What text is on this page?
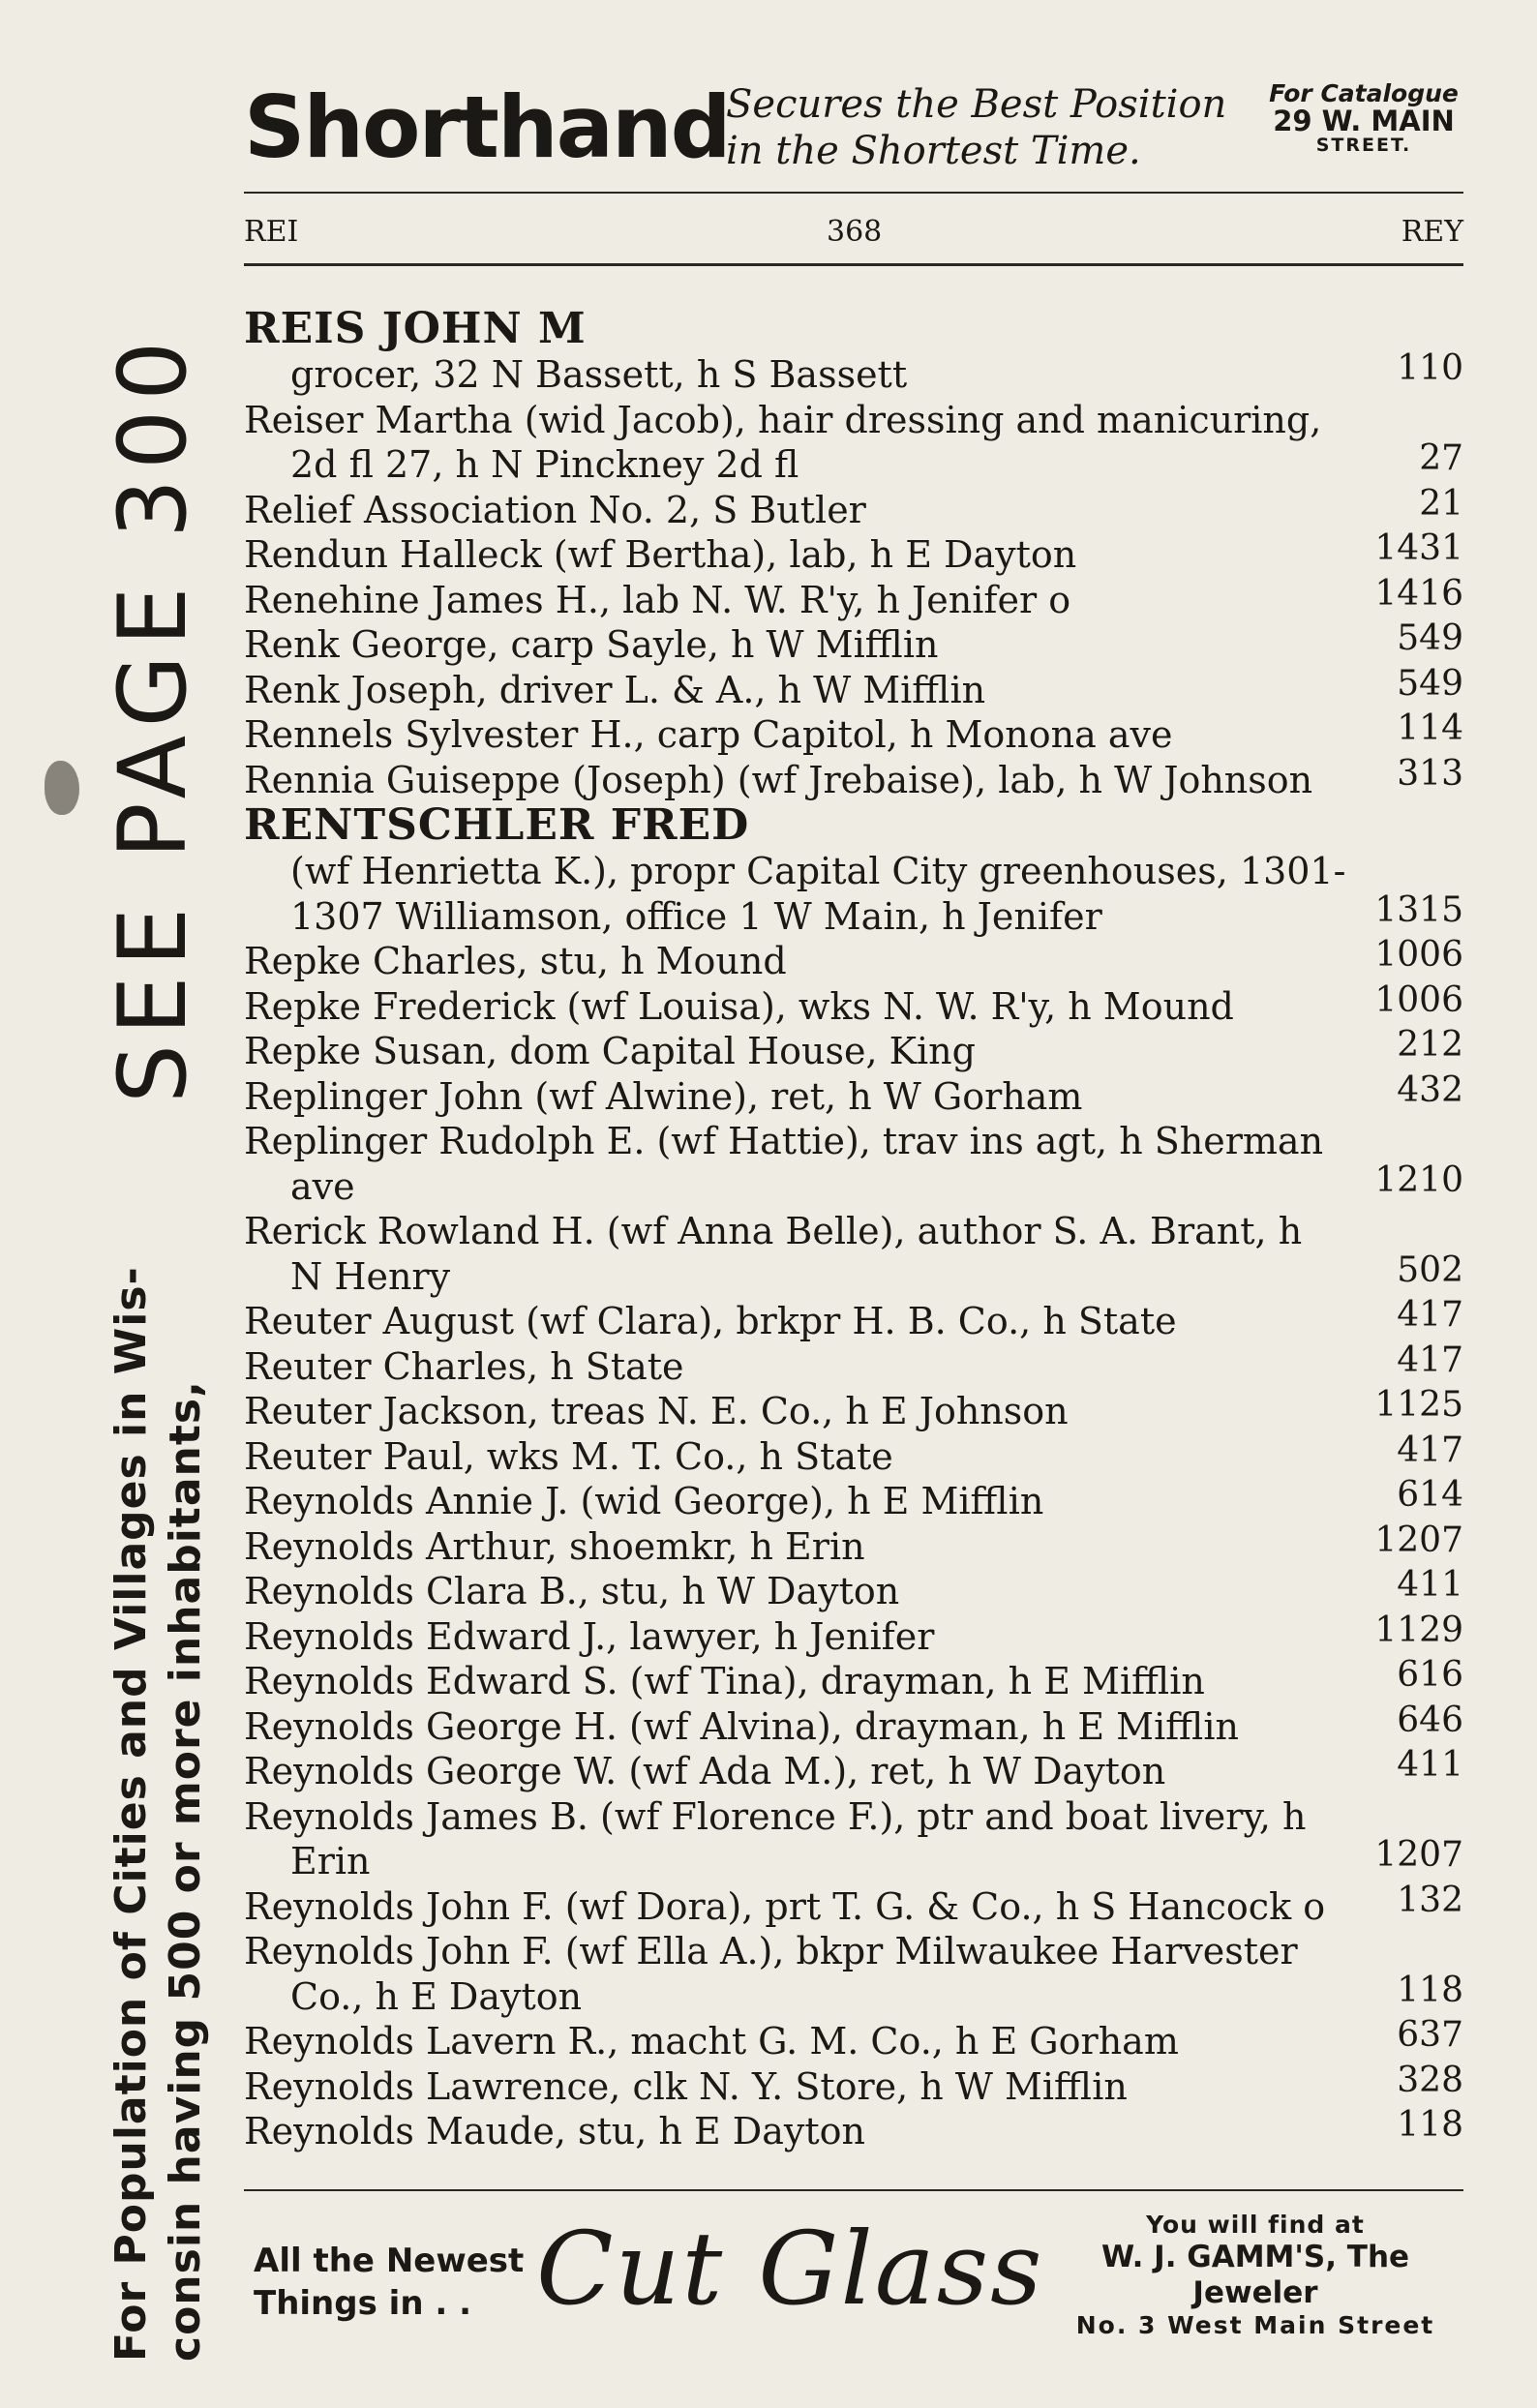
For Population of Cities and Villages in Wis- consin having 500 or more inhabitants,
SEE PAGE 300
Shorthand
Secures the Best Position
in the Shortest Time.
For Catalogue
29 W. MAIN
STREET.
REI	368	REY
REIS JOHN M
grocer, 32 N Bassett, h S Bassett	110
Reiser Martha (wid Jacob), hair dressing and manicuring,
2d fl 27, h N Pinckney 2d fl	27
Relief Association No. 2, S Butler	21
Rendun Halleck (wf Bertha), lab, h E Dayton	1431
Renehine James H., lab N. W. R'y, h Jenifer o	1416
Renk George, carp Sayle, h W Mifflin	549
Renk Joseph, driver L. & A., h W Mifflin	549
Rennels Sylvester H., carp Capitol, h Monona ave	114
Rennia Guiseppe (Joseph) (wf Jrebaise), lab, h W Johnson	313
RENTSCHLER FRED
(wf Henrietta K.), propr Capital City greenhouses, 1301-
1307 Williamson, office 1 W Main, h Jenifer	1315
Repke Charles, stu, h Mound	1006
Repke Frederick (wf Louisa), wks N. W. R'y, h Mound	1006
Repke Susan, dom Capital House, King	212
Replinger John (wf Alwine), ret, h W Gorham	432
Replinger Rudolph E. (wf Hattie), trav ins agt, h Sherman
ave	1210
Rerick Rowland H. (wf Anna Belle), author S. A. Brant, h
N Henry	502
Reuter August (wf Clara), brkpr H. B. Co., h State	417
Reuter Charles, h State	417
Reuter Jackson, treas N. E. Co., h E Johnson	1125
Reuter Paul, wks M. T. Co., h State	417
Reynolds Annie J. (wid George), h E Mifflin	614
Reynolds Arthur, shoemkr, h Erin	1207
Reynolds Clara B., stu, h W Dayton	411
Reynolds Edward J., lawyer, h Jenifer	1129
Reynolds Edward S. (wf Tina), drayman, h E Mifflin	616
Reynolds George H. (wf Alvina), drayman, h E Mifflin	646
Reynolds George W. (wf Ada M.), ret, h W Dayton	411
Reynolds James B. (wf Florence F.), ptr and boat livery, h
Erin	1207
Reynolds John F. (wf Dora), prt T. G. & Co., h S Hancock o	132
Reynolds John F. (wf Ella A.), bkpr Milwaukee Harvester
Co., h E Dayton	118
Reynolds Lavern R., macht G. M. Co., h E Gorham	637
Reynolds Lawrence, clk N. Y. Store, h W Mifflin	328
Reynolds Maude, stu, h E Dayton	118
All the Newest
Things in . . Cut Glass	You will find at
W. J. GAMM'S, The Jeweler
No. 3 West Main Street
